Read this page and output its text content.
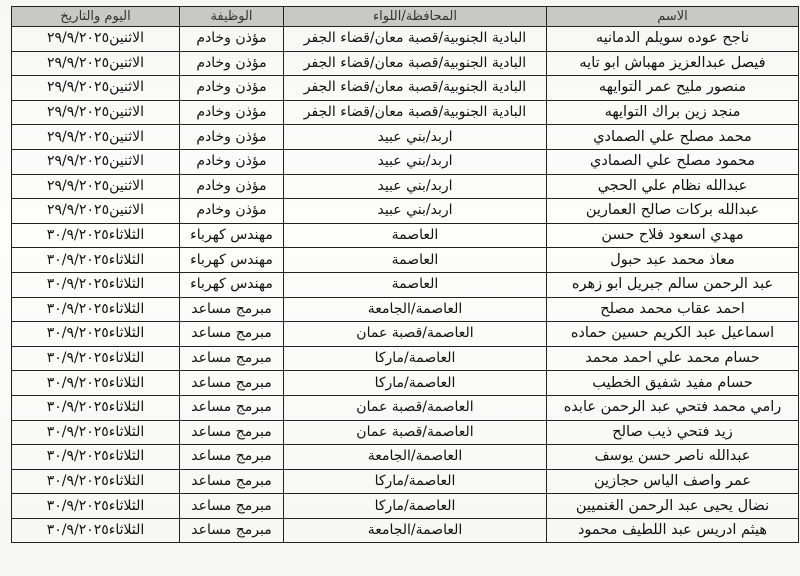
الاسم	المحافظة/اللواء	الوظيفة	اليوم والتاريخ
ناجح عوده سويلم الدمانيه	البادية الجنوبية/قصبة معان/قضاء الجفر	مؤذن وخادم	الاثنين٢٩/٩/٢٠٢٥
فيصل عبدالعزيز مهباش ابو تايه	البادية الجنوبية/قصبة معان/قضاء الجفر	مؤذن وخادم	الاثنين٢٩/٩/٢٠٢٥
منصور مليح عمر التوايهه	البادية الجنوبية/قصبة معان/قضاء الجفر	مؤذن وخادم	الاثنين٢٩/٩/٢٠٢٥
منجد زين براك التوايهه	البادية الجنوبية/قصبة معان/قضاء الجفر	مؤذن وخادم	الاثنين٢٩/٩/٢٠٢٥
محمد مصلح علي الصمادي	اربد/بني عبيد	مؤذن وخادم	الاثنين٢٩/٩/٢٠٢٥
محمود مصلح علي الصمادي	اربد/بني عبيد	مؤذن وخادم	الاثنين٢٩/٩/٢٠٢٥
عبدالله نظام علي الحجي	اربد/بني عبيد	مؤذن وخادم	الاثنين٢٩/٩/٢٠٢٥
عبدالله بركات صالح العمارين	اربد/بني عبيد	مؤذن وخادم	الاثنين٢٩/٩/٢٠٢٥
مهدي اسعود فلاح حسن	العاصمة	مهندس كهرباء	الثلاثاء٣٠/٩/٢٠٢٥
معاذ محمد عبد حبول	العاصمة	مهندس كهرباء	الثلاثاء٣٠/٩/٢٠٢٥
عبد الرحمن سالم جبريل ابو زهره	العاصمة	مهندس كهرباء	الثلاثاء٣٠/٩/٢٠٢٥
احمد عقاب محمد مصلح	العاصمة/الجامعة	مبرمج مساعد	الثلاثاء٣٠/٩/٢٠٢٥
اسماعيل عبد الكريم حسين حماده	العاصمة/قصبة عمان	مبرمج مساعد	الثلاثاء٣٠/٩/٢٠٢٥
حسام محمد علي احمد محمد	العاصمة/ماركا	مبرمج مساعد	الثلاثاء٣٠/٩/٢٠٢٥
حسام مفيد شفيق الخطيب	العاصمة/ماركا	مبرمج مساعد	الثلاثاء٣٠/٩/٢٠٢٥
رامي محمد فتحي عبد الرحمن عابده	العاصمة/قصبة عمان	مبرمج مساعد	الثلاثاء٣٠/٩/٢٠٢٥
زيد فتحي ذيب صالح	العاصمة/قصبة عمان	مبرمج مساعد	الثلاثاء٣٠/٩/٢٠٢٥
عبدالله ناصر حسن يوسف	العاصمة/الجامعة	مبرمج مساعد	الثلاثاء٣٠/٩/٢٠٢٥
عمر واصف الياس حجازين	العاصمة/ماركا	مبرمج مساعد	الثلاثاء٣٠/٩/٢٠٢٥
نضال يحيى عبد الرحمن الغنميين	العاصمة/ماركا	مبرمج مساعد	الثلاثاء٣٠/٩/٢٠٢٥
هيثم ادريس عبد اللطيف محمود	العاصمة/الجامعة	مبرمج مساعد	الثلاثاء٣٠/٩/٢٠٢٥
